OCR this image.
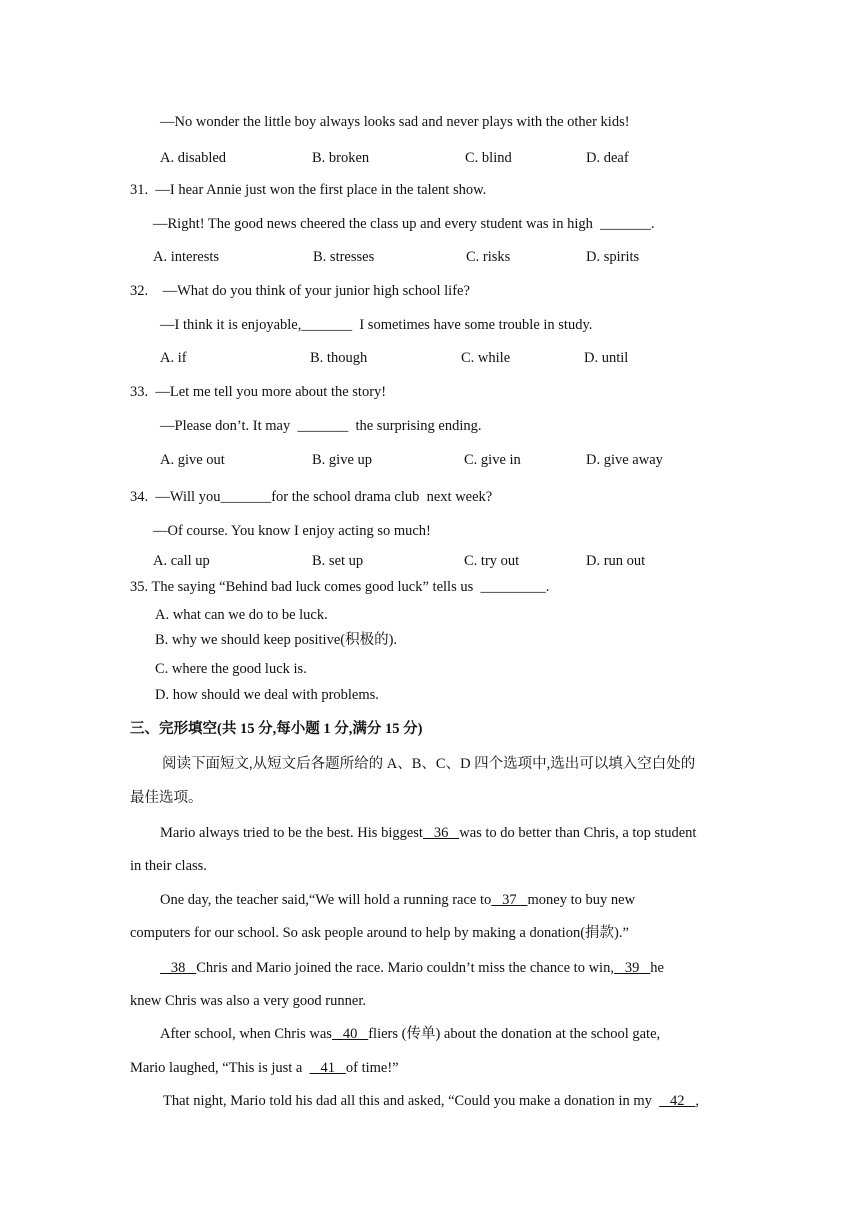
—No wonder the little boy always looks sad and never plays with the other kids!
A. disabled	B. broken	C. blind	D. deaf
31.  —I hear Annie just won the first place in the talent show.
—Right! The good news cheered the class up and every student was in high  _______.
A. interests	B. stresses	C. risks	D. spirits
32.    —What do you think of your junior high school life?
—I think it is enjoyable,_______  I sometimes have some trouble in study.
A. if	B. though	C. while	D. until
33.  —Let me tell you more about the story!
—Please don’t. It may  _______  the surprising ending.
A. give out	B. give up	C. give in	D. give away
34.  —Will you_______for the school drama club  next week?
—Of course. You know I enjoy acting so much!
A. call up	B. set up	C. try out	D. run out
35. The saying “Behind bad luck comes good luck” tells us  _________.
A. what can we do to be luck.
B. why we should keep positive(积极的).
C. where the good luck is.
D. how should we deal with problems.
三、完形填空(共 15 分,每小题 1 分,满分 15 分)
阅读下面短文,从短文后各题所给的 A、B、C、D 四个选项中,选出可以填入空白处的
最佳选项。
Mario always tried to be the best. His biggest   36   was to do better than Chris, a top student
in their class.
One day, the teacher said,“We will hold a running race to   37   money to buy new
computers for our school. So ask people around to help by making a donation(捐款).”
38   Chris and Mario joined the race. Mario couldn’t miss the chance to win,   39   he
knew Chris was also a very good runner.
After school, when Chris was   40   fliers (传单) about the donation at the school gate,
Mario laughed, “This is just a     41   of time!”
That night, Mario told his dad all this and asked, “Could you make a donation in my     42   ,
